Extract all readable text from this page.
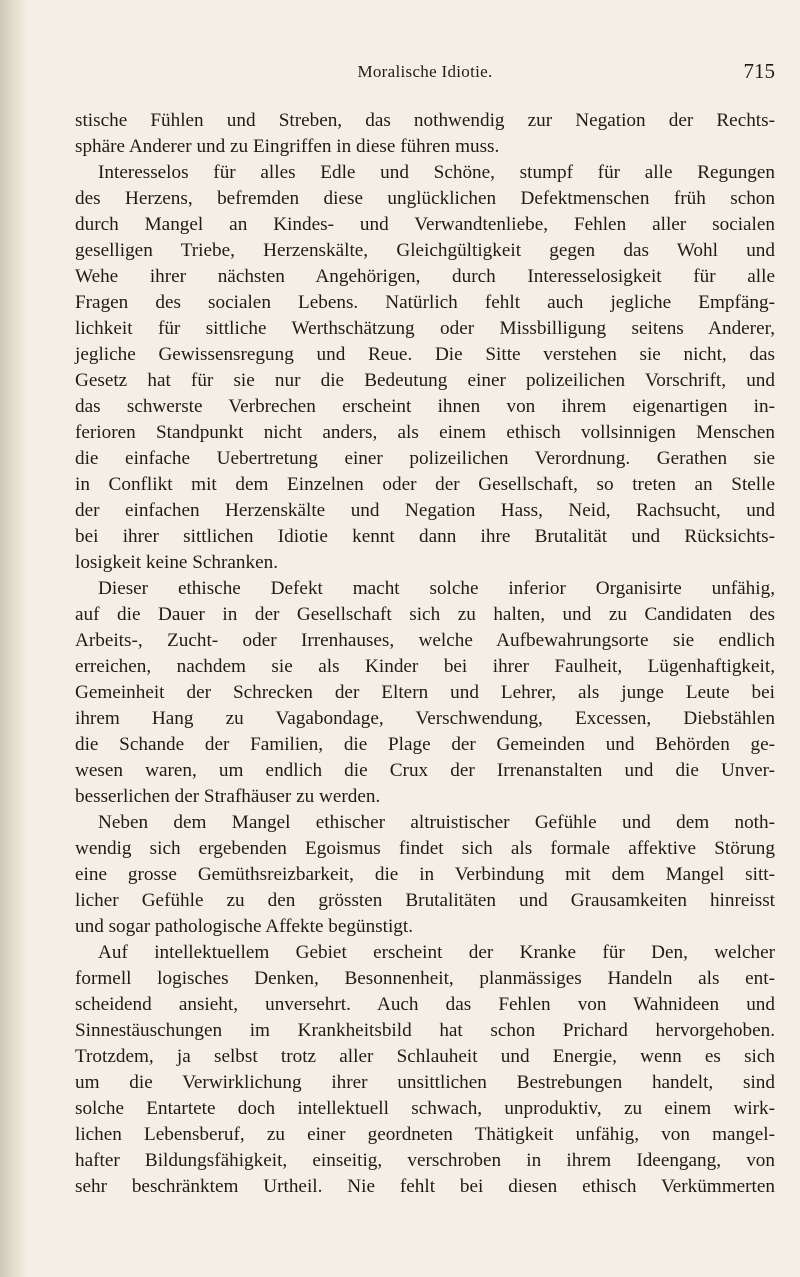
Moralische Idiotie.	715
stische Fühlen und Streben, das nothwendig zur Negation der Rechts-
sphäre Anderer und zu Eingriffen in diese führen muss.
Interesselos für alles Edle und Schöne, stumpf für alle Regungen
des Herzens, befremden diese unglücklichen Defektmenschen früh schon
durch Mangel an Kindes- und Verwandtenliebe, Fehlen aller socialen
geselligen Triebe, Herzenskälte, Gleichgültigkeit gegen das Wohl und
Wehe ihrer nächsten Angehörigen, durch Interesselosigkeit für alle
Fragen des socialen Lebens. Natürlich fehlt auch jegliche Empfäng-
lichkeit für sittliche Werthschätzung oder Missbilligung seitens Anderer,
jegliche Gewissensregung und Reue. Die Sitte verstehen sie nicht, das
Gesetz hat für sie nur die Bedeutung einer polizeilichen Vorschrift, und
das schwerste Verbrechen erscheint ihnen von ihrem eigenartigen in-
ferioren Standpunkt nicht anders, als einem ethisch vollsinnigen Menschen
die einfache Uebertretung einer polizeilichen Verordnung. Gerathen sie
in Conflikt mit dem Einzelnen oder der Gesellschaft, so treten an Stelle
der einfachen Herzenskälte und Negation Hass, Neid, Rachsucht, und
bei ihrer sittlichen Idiotie kennt dann ihre Brutalität und Rücksichts-
losigkeit keine Schranken.
Dieser ethische Defekt macht solche inferior Organisirte unfähig,
auf die Dauer in der Gesellschaft sich zu halten, und zu Candidaten des
Arbeits-, Zucht- oder Irrenhauses, welche Aufbewahrungsorte sie endlich
erreichen, nachdem sie als Kinder bei ihrer Faulheit, Lügenhaftigkeit,
Gemeinheit der Schrecken der Eltern und Lehrer, als junge Leute bei
ihrem Hang zu Vagabondage, Verschwendung, Excessen, Diebstählen
die Schande der Familien, die Plage der Gemeinden und Behörden ge-
wesen waren, um endlich die Crux der Irrenanstalten und die Unver-
besserlichen der Strafhäuser zu werden.
Neben dem Mangel ethischer altruistischer Gefühle und dem noth-
wendig sich ergebenden Egoismus findet sich als formale affektive Störung
eine grosse Gemüthsreizbarkeit, die in Verbindung mit dem Mangel sitt-
licher Gefühle zu den grössten Brutalitäten und Grausamkeiten hinreisst
und sogar pathologische Affekte begünstigt.
Auf intellektuellem Gebiet erscheint der Kranke für Den, welcher
formell logisches Denken, Besonnenheit, planmässiges Handeln als ent-
scheidend ansieht, unversehrt. Auch das Fehlen von Wahnideen und
Sinnestäuschungen im Krankheitsbild hat schon Prichard hervorgehoben.
Trotzdem, ja selbst trotz aller Schlauheit und Energie, wenn es sich
um die Verwirklichung ihrer unsittlichen Bestrebungen handelt, sind
solche Entartete doch intellektuell schwach, unproduktiv, zu einem wirk-
lichen Lebensberuf, zu einer geordneten Thätigkeit unfähig, von mangel-
hafter Bildungsfähigkeit, einseitig, verschroben in ihrem Ideengang, von
sehr beschränktem Urtheil. Nie fehlt bei diesen ethisch Verkümmerten
